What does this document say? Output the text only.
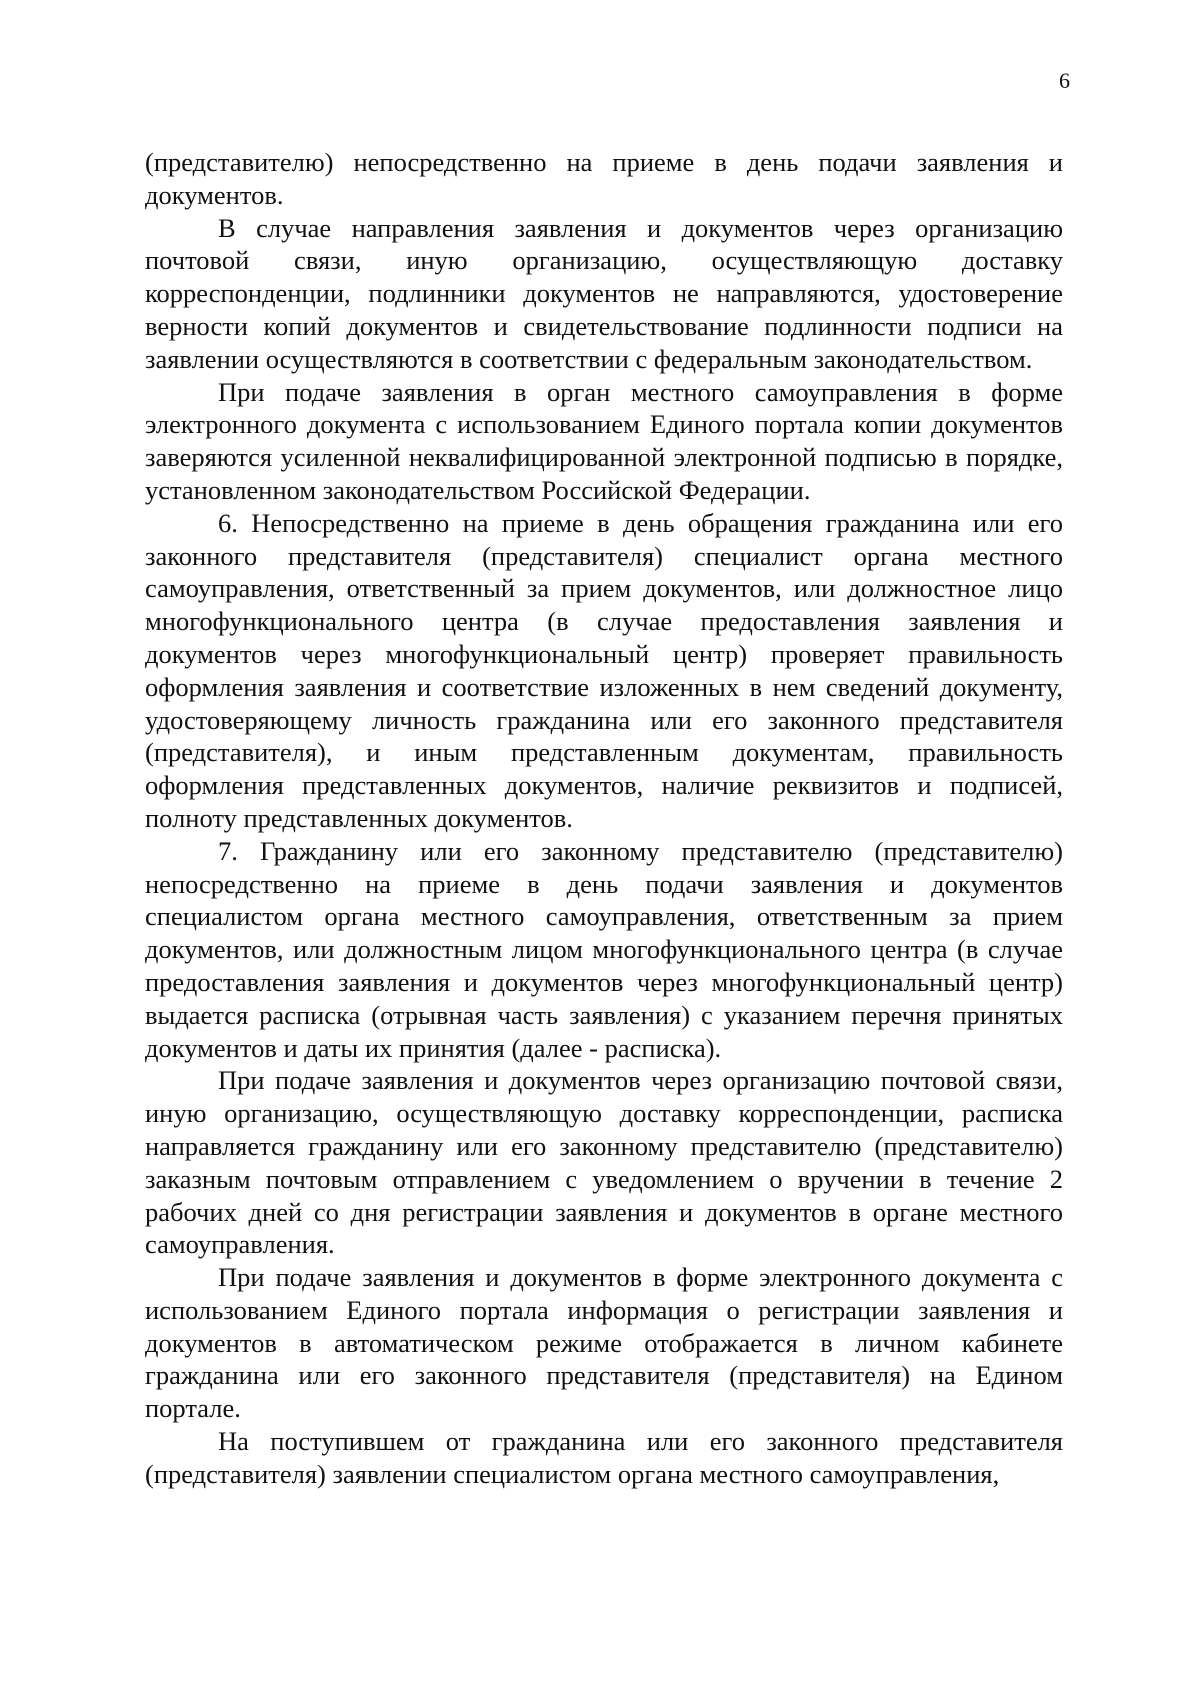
6

(представителю) непосредственно на приеме в день подачи заявления и документов.

В случае направления заявления и документов через организацию почтовой связи, иную организацию, осуществляющую доставку корреспонденции, подлинники документов не направляются, удостоверение верности копий документов и свидетельствование подлинности подписи на заявлении осуществляются в соответствии с федеральным законодательством.

При подаче заявления в орган местного самоуправления в форме электронного документа с использованием Единого портала копии документов заверяются усиленной неквалифицированной электронной подписью в порядке, установленном законодательством Российской Федерации.

6. Непосредственно на приеме в день обращения гражданина или его законного представителя (представителя) специалист органа местного самоуправления, ответственный за прием документов, или должностное лицо многофункционального центра (в случае предоставления заявления и документов через многофункциональный центр) проверяет правильность оформления заявления и соответствие изложенных в нем сведений документу, удостоверяющему личность гражданина или его законного представителя (представителя), и иным представленным документам, правильность оформления представленных документов, наличие реквизитов и подписей, полноту представленных документов.

7. Гражданину или его законному представителю (представителю) непосредственно на приеме в день подачи заявления и документов специалистом органа местного самоуправления, ответственным за прием документов, или должностным лицом многофункционального центра (в случае предоставления заявления и документов через многофункциональный центр) выдается расписка (отрывная часть заявления) с указанием перечня принятых документов и даты их принятия (далее - расписка).

При подаче заявления и документов через организацию почтовой связи, иную организацию, осуществляющую доставку корреспонденции, расписка направляется гражданину или его законному представителю (представителю) заказным почтовым отправлением с уведомлением о вручении в течение 2 рабочих дней со дня регистрации заявления и документов в органе местного самоуправления.

При подаче заявления и документов в форме электронного документа с использованием Единого портала информация о регистрации заявления и документов в автоматическом режиме отображается в личном кабинете гражданина или его законного представителя (представителя) на Едином портале.

На поступившем от гражданина или его законного представителя (представителя) заявлении специалистом органа местного самоуправления,
